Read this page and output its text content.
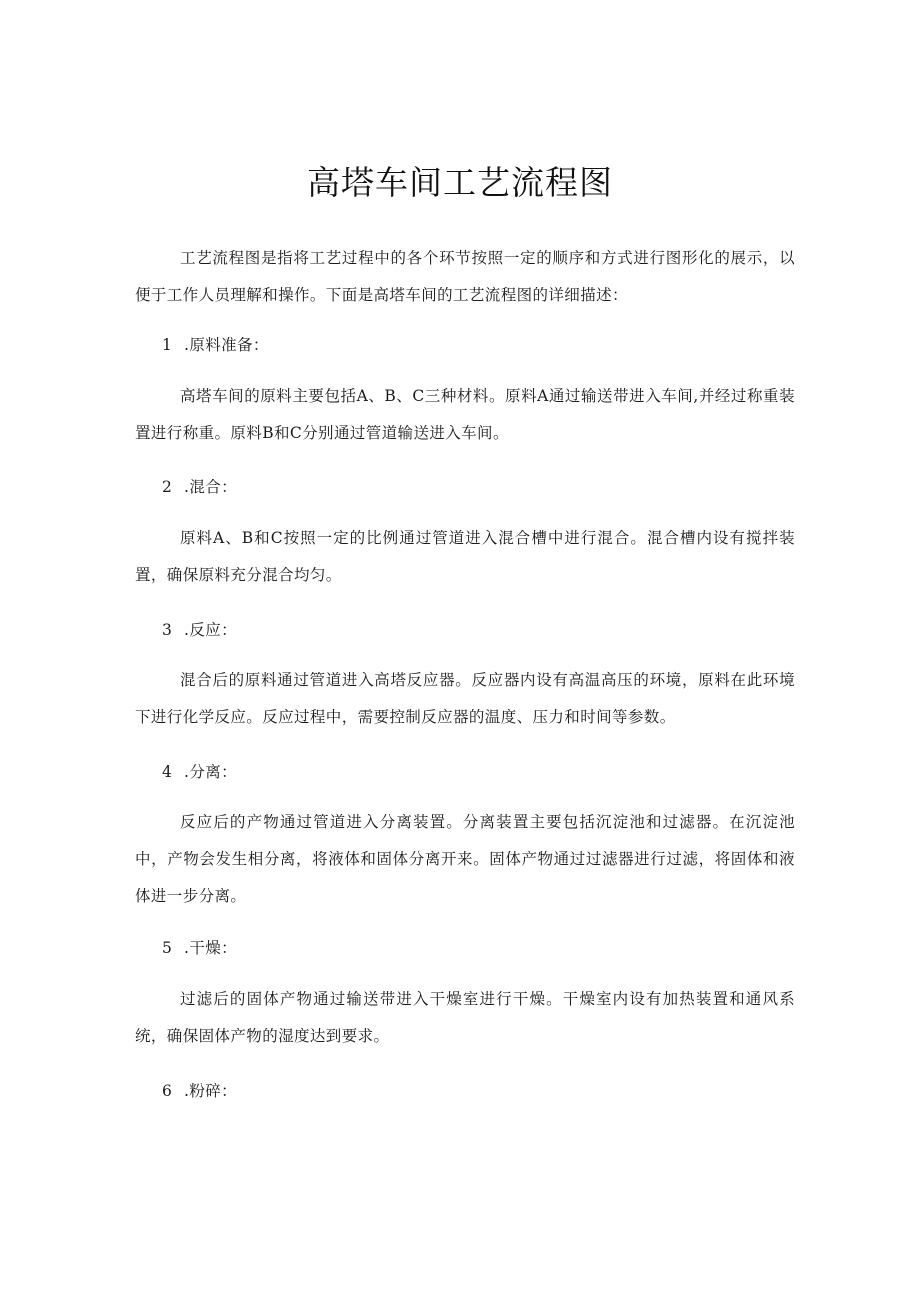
高塔车间工艺流程图

工艺流程图是指将工艺过程中的各个环节按照一定的顺序和方式进行图形化的展示，以便于工作人员理解和操作。下面是高塔车间的工艺流程图的详细描述：

1 .原料准备：

高塔车间的原料主要包括A、B、C三种材料。原料A通过输送带进入车间,并经过称重装置进行称重。原料B和C分别通过管道输送进入车间。

2 .混合：

原料A、B和C按照一定的比例通过管道进入混合槽中进行混合。混合槽内设有搅拌装置，确保原料充分混合均匀。

3 .反应：

混合后的原料通过管道进入高塔反应器。反应器内设有高温高压的环境，原料在此环境下进行化学反应。反应过程中，需要控制反应器的温度、压力和时间等参数。

4 .分离：

反应后的产物通过管道进入分离装置。分离装置主要包括沉淀池和过滤器。在沉淀池中，产物会发生相分离，将液体和固体分离开来。固体产物通过过滤器进行过滤，将固体和液体进一步分离。

5 .干燥：

过滤后的固体产物通过输送带进入干燥室进行干燥。干燥室内设有加热装置和通风系统，确保固体产物的湿度达到要求。

6 .粉碎：
